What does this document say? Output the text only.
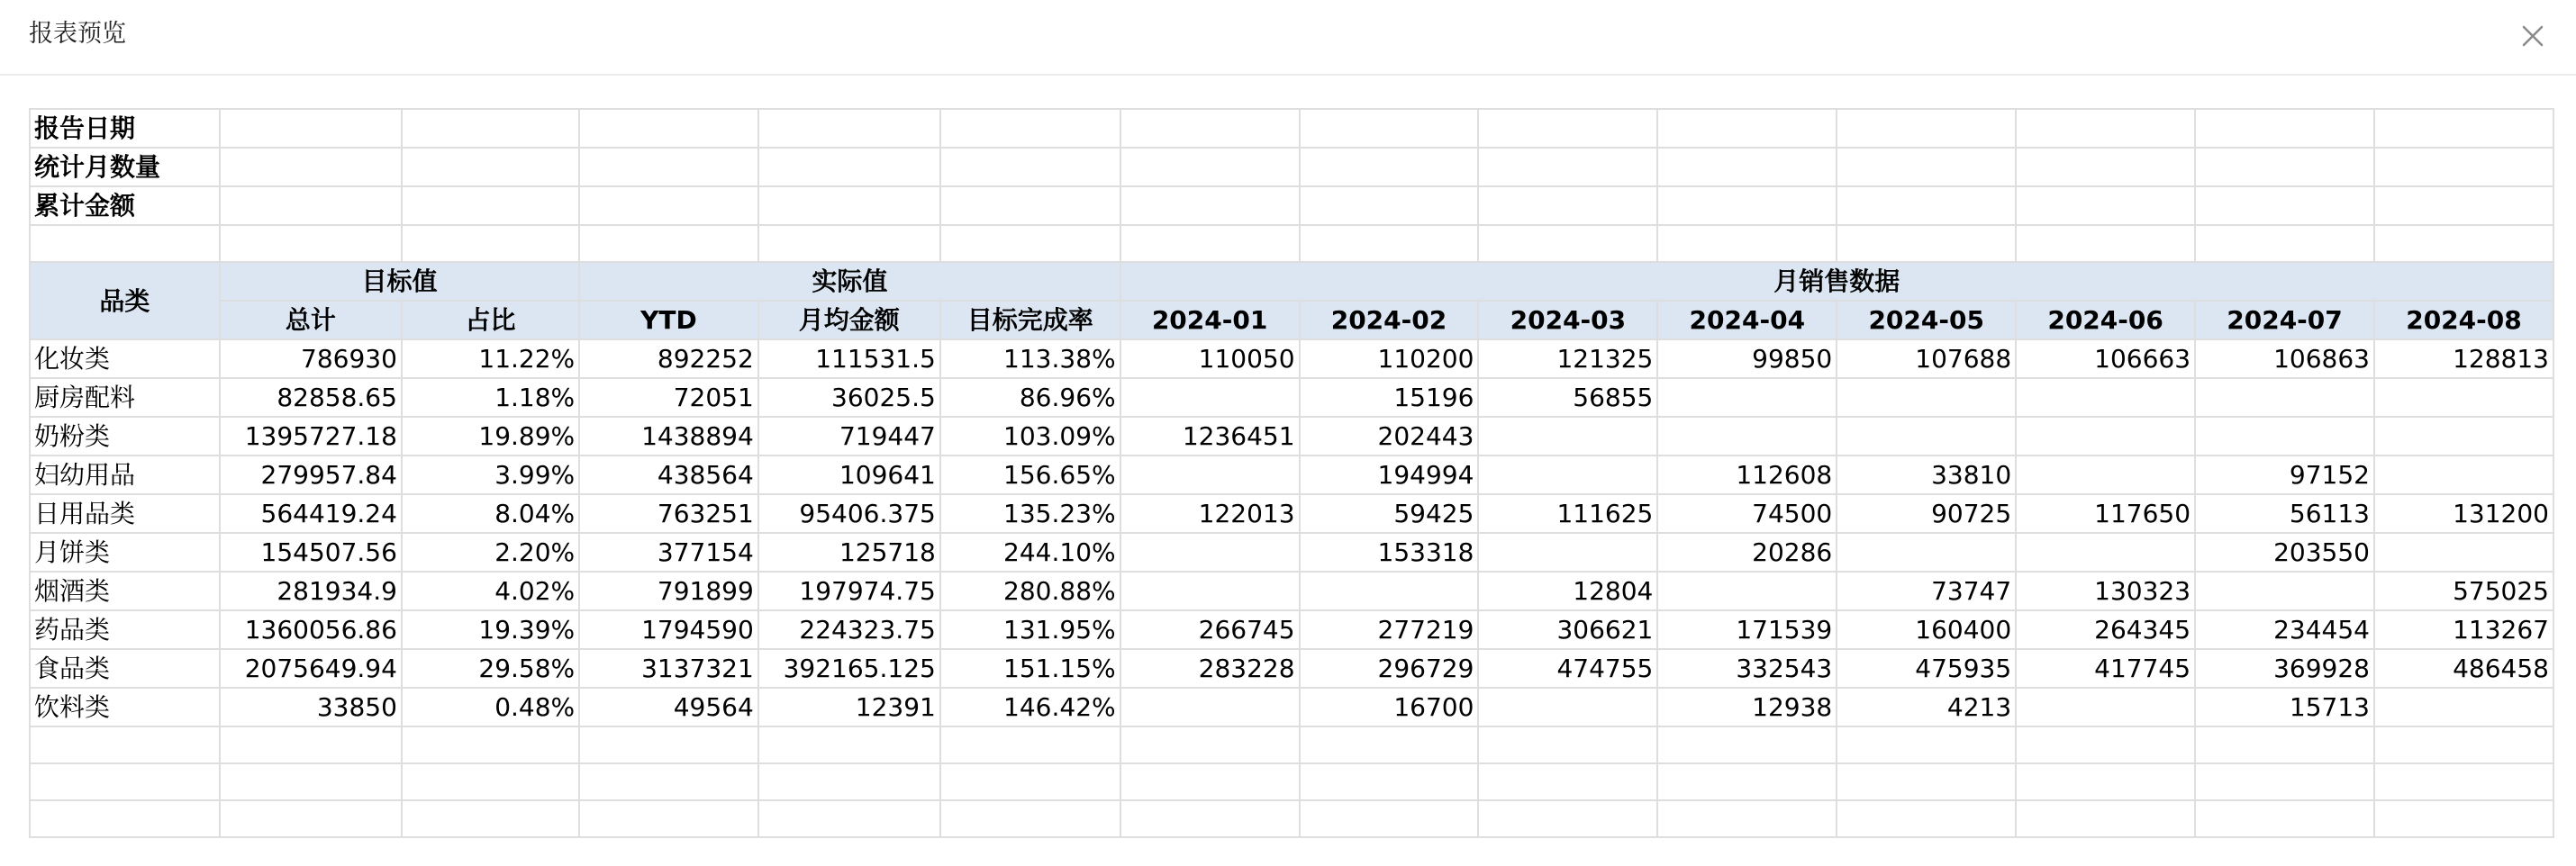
报表预览
报告日期													
统计月数量													
累计金额													

品类	目标值		实际值			月销售数据							
	总计	占比	YTD	月均金额	目标完成率	2024-01	2024-02	2024-03	2024-04	2024-05	2024-06	2024-07	2024-08
化妆类	786930	11.22%	892252	111531.5	113.38%	110050	110200	121325	99850	107688	106663	106863	128813
厨房配料	82858.65	1.18%	72051	36025.5	86.96%		15196	56855					
奶粉类	1395727.18	19.89%	1438894	719447	103.09%	1236451	202443						
妇幼用品	279957.84	3.99%	438564	109641	156.65%		194994		112608	33810		97152	
日用品类	564419.24	8.04%	763251	95406.375	135.23%	122013	59425	111625	74500	90725	117650	56113	131200
月饼类	154507.56	2.20%	377154	125718	244.10%		153318		20286			203550	
烟酒类	281934.9	4.02%	791899	197974.75	280.88%			12804		73747	130323		575025
药品类	1360056.86	19.39%	1794590	224323.75	131.95%	266745	277219	306621	171539	160400	264345	234454	113267
食品类	2075649.94	29.58%	3137321	392165.125	151.15%	283228	296729	474755	332543	475935	417745	369928	486458
饮料类	33850	0.48%	49564	12391	146.42%		16700		12938	4213		15713	
